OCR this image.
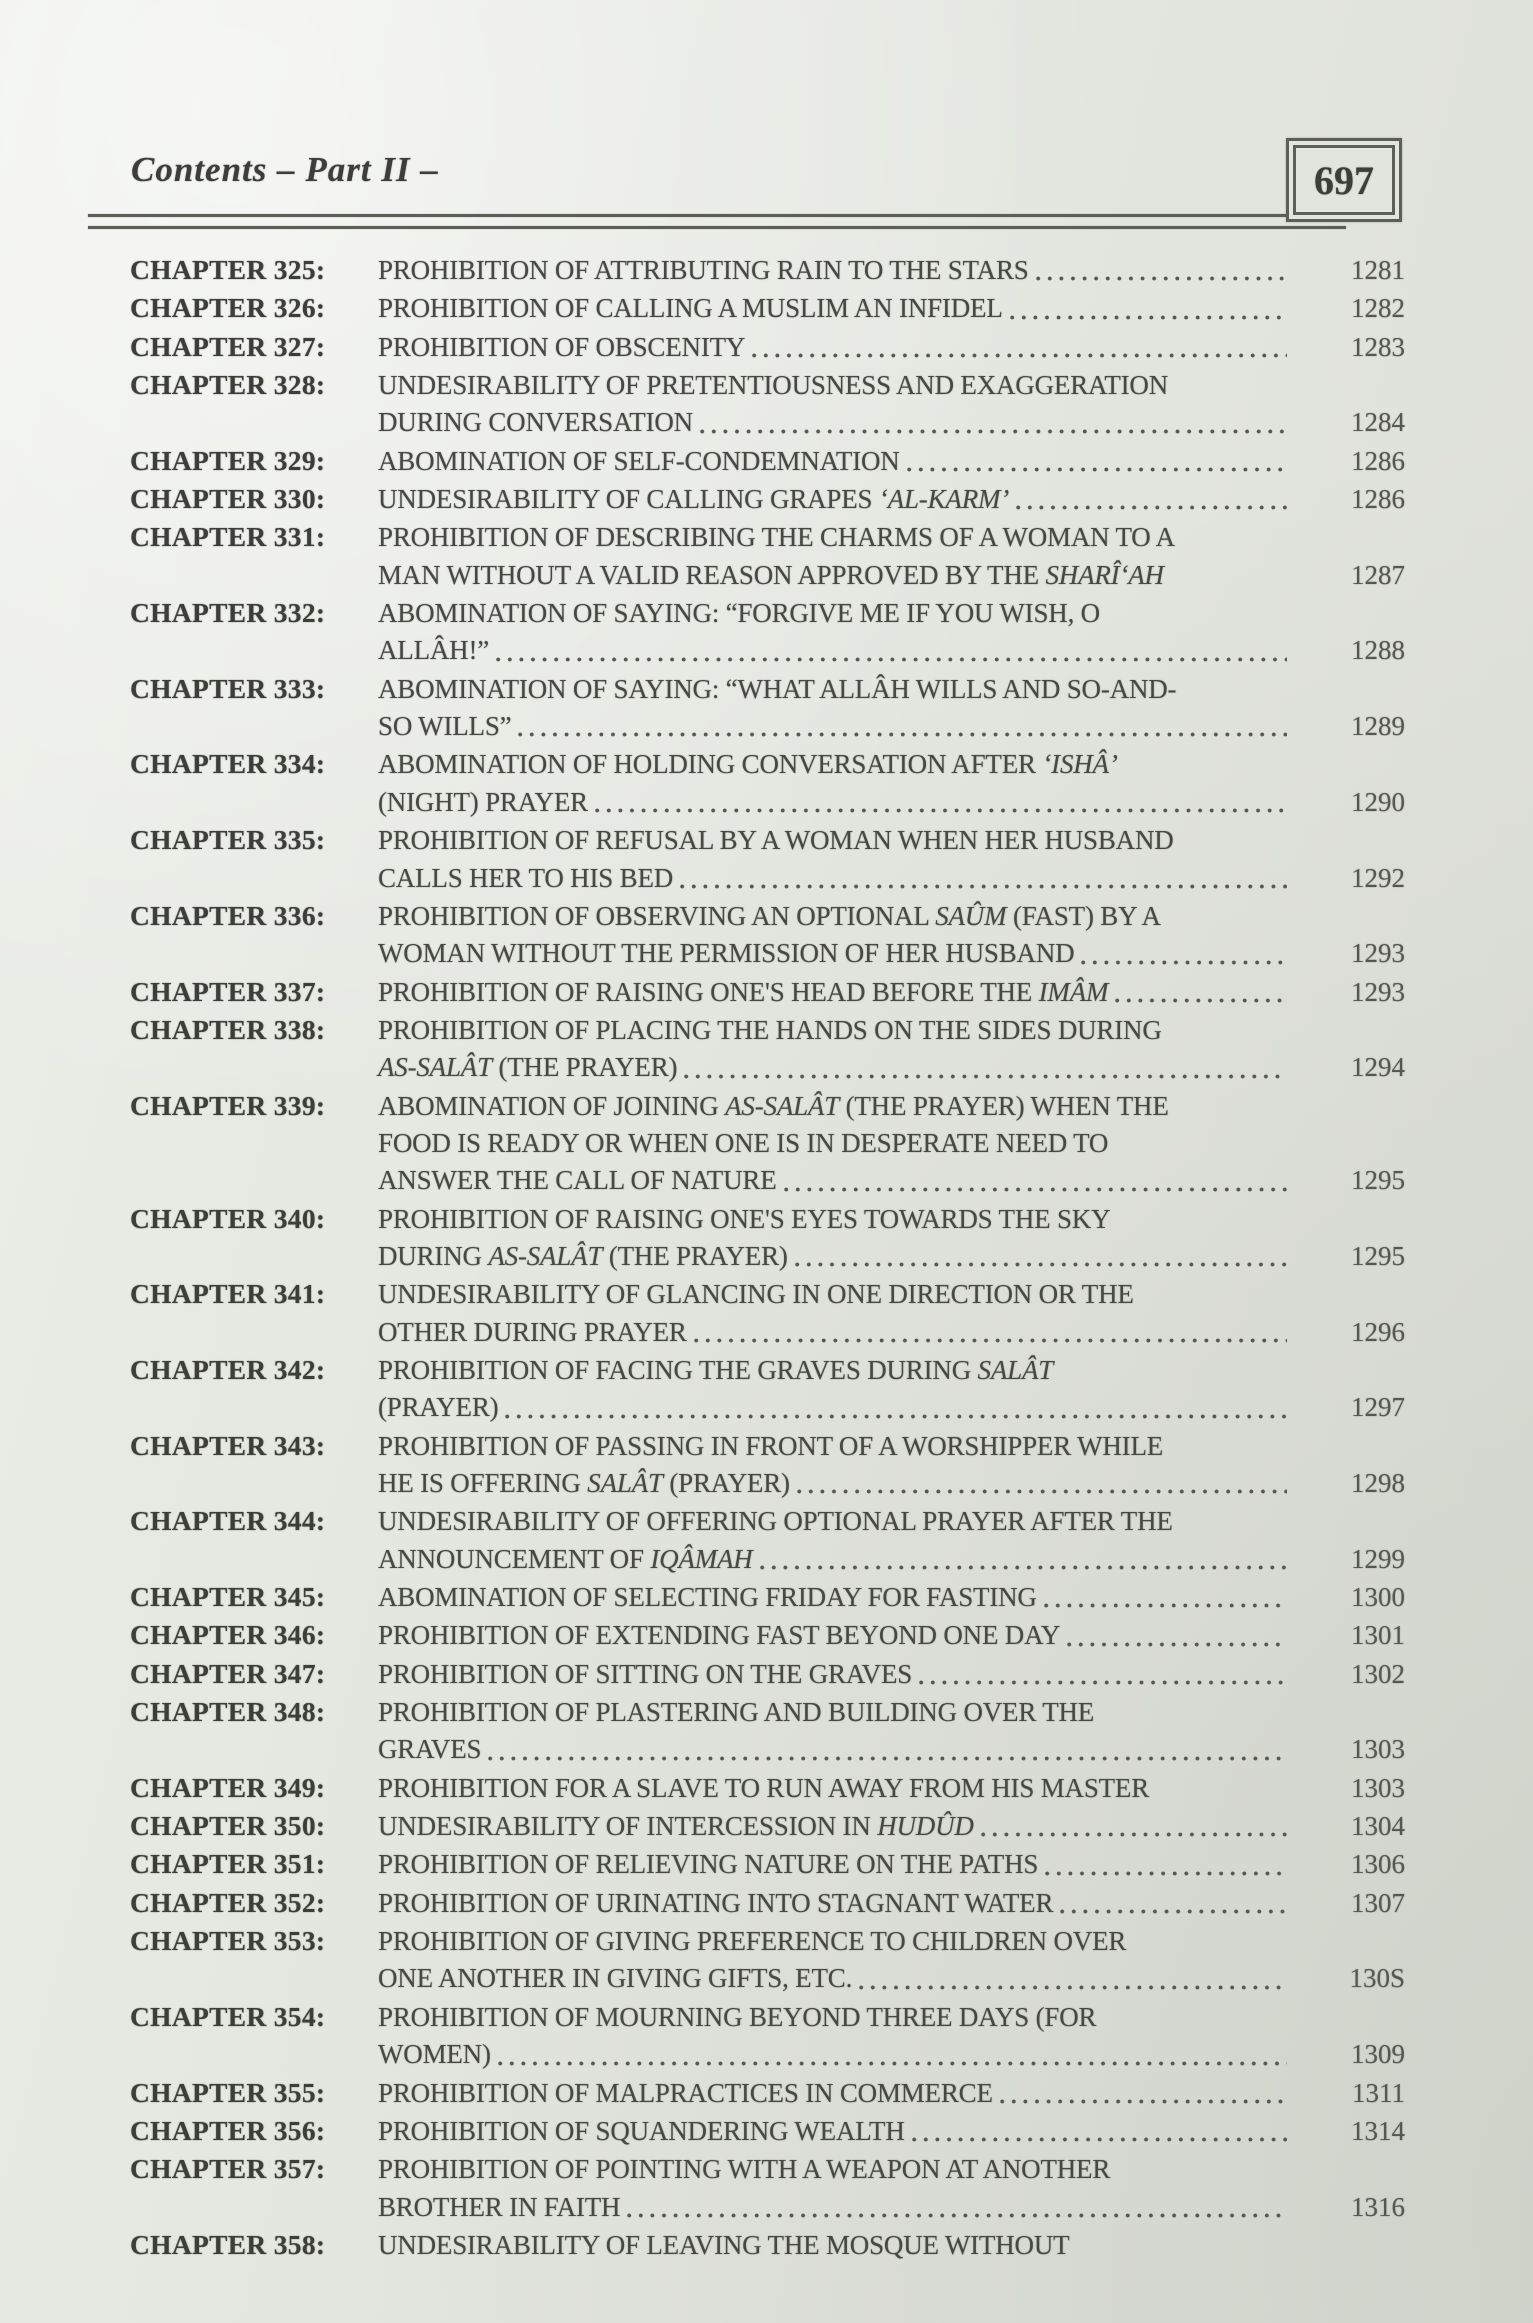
Contents – Part II –	697
CHAPTER 325:	PROHIBITION OF ATTRIBUTING RAIN TO THE STARS	1281
CHAPTER 326:	PROHIBITION OF CALLING A MUSLIM AN INFIDEL	1282
CHAPTER 327:	PROHIBITION OF OBSCENITY	1283
CHAPTER 328:	UNDESIRABILITY OF PRETENTIOUSNESS AND EXAGGERATION
DURING CONVERSATION	1284
CHAPTER 329:	ABOMINATION OF SELF-CONDEMNATION	1286
CHAPTER 330:	UNDESIRABILITY OF CALLING GRAPES ‘AL-KARM’	1286
CHAPTER 331:	PROHIBITION OF DESCRIBING THE CHARMS OF A WOMAN TO A
MAN WITHOUT A VALID REASON APPROVED BY THE SHARÎ‘AH	1287
CHAPTER 332:	ABOMINATION OF SAYING: “FORGIVE ME IF YOU WISH, O
ALLÂH!”	1288
CHAPTER 333:	ABOMINATION OF SAYING: “WHAT ALLÂH WILLS AND SO-AND-
SO WILLS”	1289
CHAPTER 334:	ABOMINATION OF HOLDING CONVERSATION AFTER ‘ISHÂ’
(NIGHT) PRAYER	1290
CHAPTER 335:	PROHIBITION OF REFUSAL BY A WOMAN WHEN HER HUSBAND
CALLS HER TO HIS BED	1292
CHAPTER 336:	PROHIBITION OF OBSERVING AN OPTIONAL SAÛM (FAST) BY A
WOMAN WITHOUT THE PERMISSION OF HER HUSBAND	1293
CHAPTER 337:	PROHIBITION OF RAISING ONE'S HEAD BEFORE THE IMÂM	1293
CHAPTER 338:	PROHIBITION OF PLACING THE HANDS ON THE SIDES DURING
AS-SALÂT (THE PRAYER)	1294
CHAPTER 339:	ABOMINATION OF JOINING AS-SALÂT (THE PRAYER) WHEN THE
FOOD IS READY OR WHEN ONE IS IN DESPERATE NEED TO
ANSWER THE CALL OF NATURE	1295
CHAPTER 340:	PROHIBITION OF RAISING ONE'S EYES TOWARDS THE SKY
DURING AS-SALÂT (THE PRAYER)	1295
CHAPTER 341:	UNDESIRABILITY OF GLANCING IN ONE DIRECTION OR THE
OTHER DURING PRAYER	1296
CHAPTER 342:	PROHIBITION OF FACING THE GRAVES DURING SALÂT
(PRAYER)	1297
CHAPTER 343:	PROHIBITION OF PASSING IN FRONT OF A WORSHIPPER WHILE
HE IS OFFERING SALÂT (PRAYER)	1298
CHAPTER 344:	UNDESIRABILITY OF OFFERING OPTIONAL PRAYER AFTER THE
ANNOUNCEMENT OF IQÂMAH	1299
CHAPTER 345:	ABOMINATION OF SELECTING FRIDAY FOR FASTING	1300
CHAPTER 346:	PROHIBITION OF EXTENDING FAST BEYOND ONE DAY	1301
CHAPTER 347:	PROHIBITION OF SITTING ON THE GRAVES	1302
CHAPTER 348:	PROHIBITION OF PLASTERING AND BUILDING OVER THE
GRAVES	1303
CHAPTER 349:	PROHIBITION FOR A SLAVE TO RUN AWAY FROM HIS MASTER	1303
CHAPTER 350:	UNDESIRABILITY OF INTERCESSION IN HUDÛD	1304
CHAPTER 351:	PROHIBITION OF RELIEVING NATURE ON THE PATHS	1306
CHAPTER 352:	PROHIBITION OF URINATING INTO STAGNANT WATER	1307
CHAPTER 353:	PROHIBITION OF GIVING PREFERENCE TO CHILDREN OVER
ONE ANOTHER IN GIVING GIFTS, ETC.	130S
CHAPTER 354:	PROHIBITION OF MOURNING BEYOND THREE DAYS (FOR
WOMEN)	1309
CHAPTER 355:	PROHIBITION OF MALPRACTICES IN COMMERCE	1311
CHAPTER 356:	PROHIBITION OF SQUANDERING WEALTH	1314
CHAPTER 357:	PROHIBITION OF POINTING WITH A WEAPON AT ANOTHER
BROTHER IN FAITH	1316
CHAPTER 358:	UNDESIRABILITY OF LEAVING THE MOSQUE WITHOUT
